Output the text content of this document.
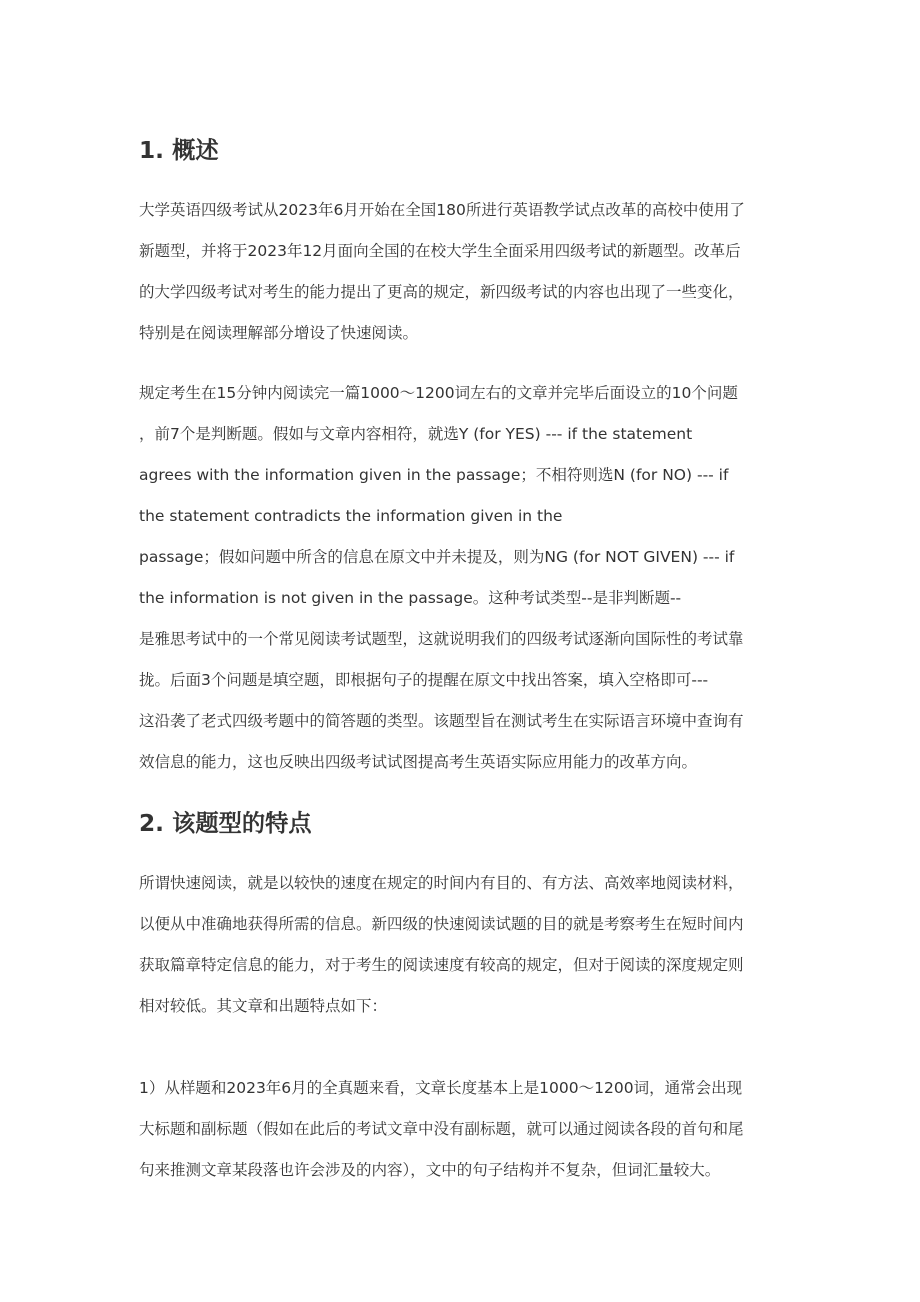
1. 概述
大学英语四级考试从2023年6月开始在全国180所进行英语教学试点改革的高校中使用了
新题型，并将于2023年12月面向全国的在校大学生全面采用四级考试的新题型。改革后
的大学四级考试对考生的能力提出了更高的规定，新四级考试的内容也出现了一些变化，
特别是在阅读理解部分增设了快速阅读。
规定考生在15分钟内阅读完一篇1000～1200词左右的文章并完毕后面设立的10个问题
，前7个是判断题。假如与文章内容相符，就选Y (for YES) --- if the statement
agrees with the information given in the passage；不相符则选N (for NO) --- if
the statement contradicts the information given in the
passage；假如问题中所含的信息在原文中并未提及，则为NG (for NOT GIVEN) --- if
the information is not given in the passage。这种考试类型--是非判断题--
是雅思考试中的一个常见阅读考试题型，这就说明我们的四级考试逐渐向国际性的考试靠
拢。后面3个问题是填空题，即根据句子的提醒在原文中找出答案，填入空格即可---
这沿袭了老式四级考题中的简答题的类型。该题型旨在测试考生在实际语言环境中查询有
效信息的能力，这也反映出四级考试试图提高考生英语实际应用能力的改革方向。
2. 该题型的特点
所谓快速阅读，就是以较快的速度在规定的时间内有目的、有方法、高效率地阅读材料，
以便从中准确地获得所需的信息。新四级的快速阅读试题的目的就是考察考生在短时间内
获取篇章特定信息的能力，对于考生的阅读速度有较高的规定，但对于阅读的深度规定则
相对较低。其文章和出题特点如下：
1）从样题和2023年6月的全真题来看，文章长度基本上是1000～1200词，通常会出现
大标题和副标题（假如在此后的考试文章中没有副标题，就可以通过阅读各段的首句和尾
句来推测文章某段落也许会涉及的内容），文中的句子结构并不复杂，但词汇量较大。
